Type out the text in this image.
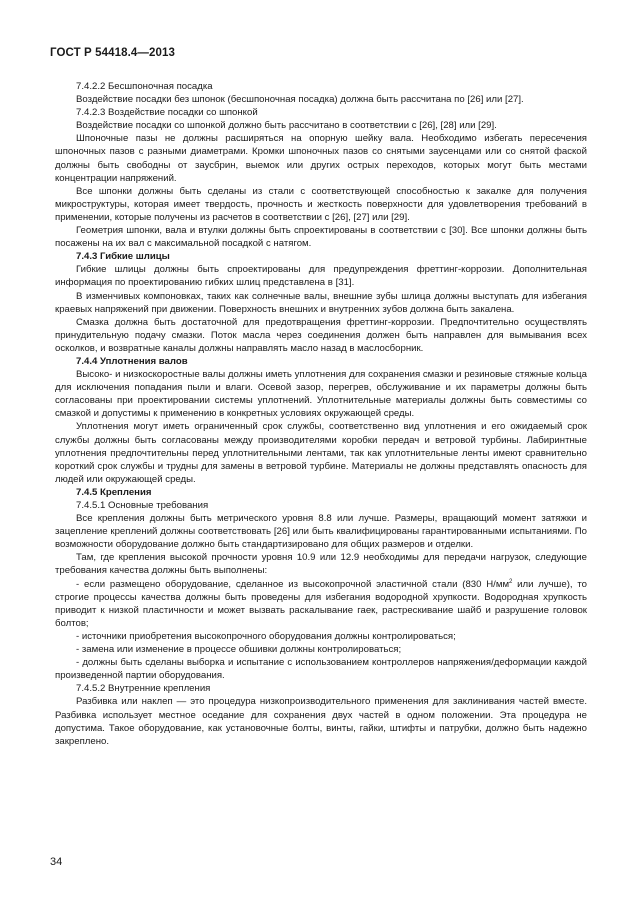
ГОСТ Р 54418.4—2013

7.4.2.2 Бесшпоночная посадка

Воздействие посадки без шпонок (бесшпоночная посадка) должна быть рассчитана по [26] или [27].

7.4.2.3 Воздействие посадки со шпонкой

Воздействие посадки со шпонкой должно быть рассчитано в соответствии с [26], [28] или [29].

Шпоночные пазы не должны расширяться на опорную шейку вала. Необходимо избегать пересечения шпоночных пазов с разными диаметрами. Кромки шпоночных пазов со снятыми заусенцами или со снятой фаской должны быть свободны от заусбрин, выемок или других острых переходов, которых могут быть местами концентрации напряжений.

Все шпонки должны быть сделаны из стали с соответствующей способностью к закалке для получения микроструктуры, которая имеет твердость, прочность и жесткость поверхности для удовлетворения требований в применении, которые получены из расчетов в соответствии с [26], [27] или [29].

Геометрия шпонки, вала и втулки должны быть спроектированы в соответствии с [30]. Все шпонки должны быть посажены на их вал с максимальной посадкой с натягом.

7.4.3 Гибкие шлицы

Гибкие шлицы должны быть спроектированы для предупреждения фреттинг-коррозии. Дополнительная информация по проектированию гибких шлиц представлена в [31].

В изменчивых компоновках, таких как солнечные валы, внешние зубы шлица должны выступать для избегания краевых напряжений при движении. Поверхность внешних и внутренних зубов должна быть закалена.

Смазка должна быть достаточной для предотвращения фреттинг-коррозии. Предпочтительно осуществлять принудительную подачу смазки. Поток масла через соединения должен быть направлен для вымывания всех осколков, и возвратные каналы должны направлять масло назад в маслосборник.

7.4.4 Уплотнения валов

Высоко- и низкоскоростные валы должны иметь уплотнения для сохранения смазки и резиновые стяжные кольца для исключения попадания пыли и влаги. Осевой зазор, перегрев, обслуживание и их параметры должны быть согласованы при проектировании системы уплотнений. Уплотнительные материалы должны быть совместимы со смазкой и допустимы к применению в конкретных условиях окружающей среды.

Уплотнения могут иметь ограниченный срок службы, соответственно вид уплотнения и его ожидаемый срок службы должны быть согласованы между производителями коробки передач и ветровой турбины. Лабиринтные уплотнения предпочтительны перед уплотнительными лентами, так как уплотнительные ленты имеют сравнительно короткий срок службы и трудны для замены в ветровой турбине. Материалы не должны представлять опасность для людей или окружающей среды.

7.4.5 Крепления

7.4.5.1 Основные требования

Все крепления должны быть метрического уровня 8.8 или лучше. Размеры, вращающий момент затяжки и зацепление креплений должны соответствовать [26] или быть квалифицированы гарантированными испытаниями. По возможности оборудование должно быть стандартизировано для общих размеров и отделки.

Там, где крепления высокой прочности уровня 10.9 или 12.9 необходимы для передачи нагрузок, следующие требования качества должны быть выполнены:

- если размещено оборудование, сделанное из высокопрочной эластичной стали (830 $Н/мм^2$ или лучше), то строгие процессы качества должны быть проведены для избегания водородной хрупкости. Водородная хрупкость приводит к низкой пластичности и может вызвать раскалывание гаек, растрескивание шайб и разрушение головок болтов;

- источники приобретения высокопрочного оборудования должны контролироваться;

- замена или изменение в процессе обшивки должны контролироваться;

- должны быть сделаны выборка и испытание с использованием контроллеров напряжения/деформации каждой произведенной партии оборудования.

7.4.5.2 Внутренние крепления

Разбивка или наклеп — это процедура низкопроизводительного применения для заклинивания частей вместе. Разбивка использует местное оседание для сохранения двух частей в одном положении. Эта процедура не допустима. Такое оборудование, как установочные болты, винты, гайки, штифты и патрубки, должно быть надежно закреплено.

34
